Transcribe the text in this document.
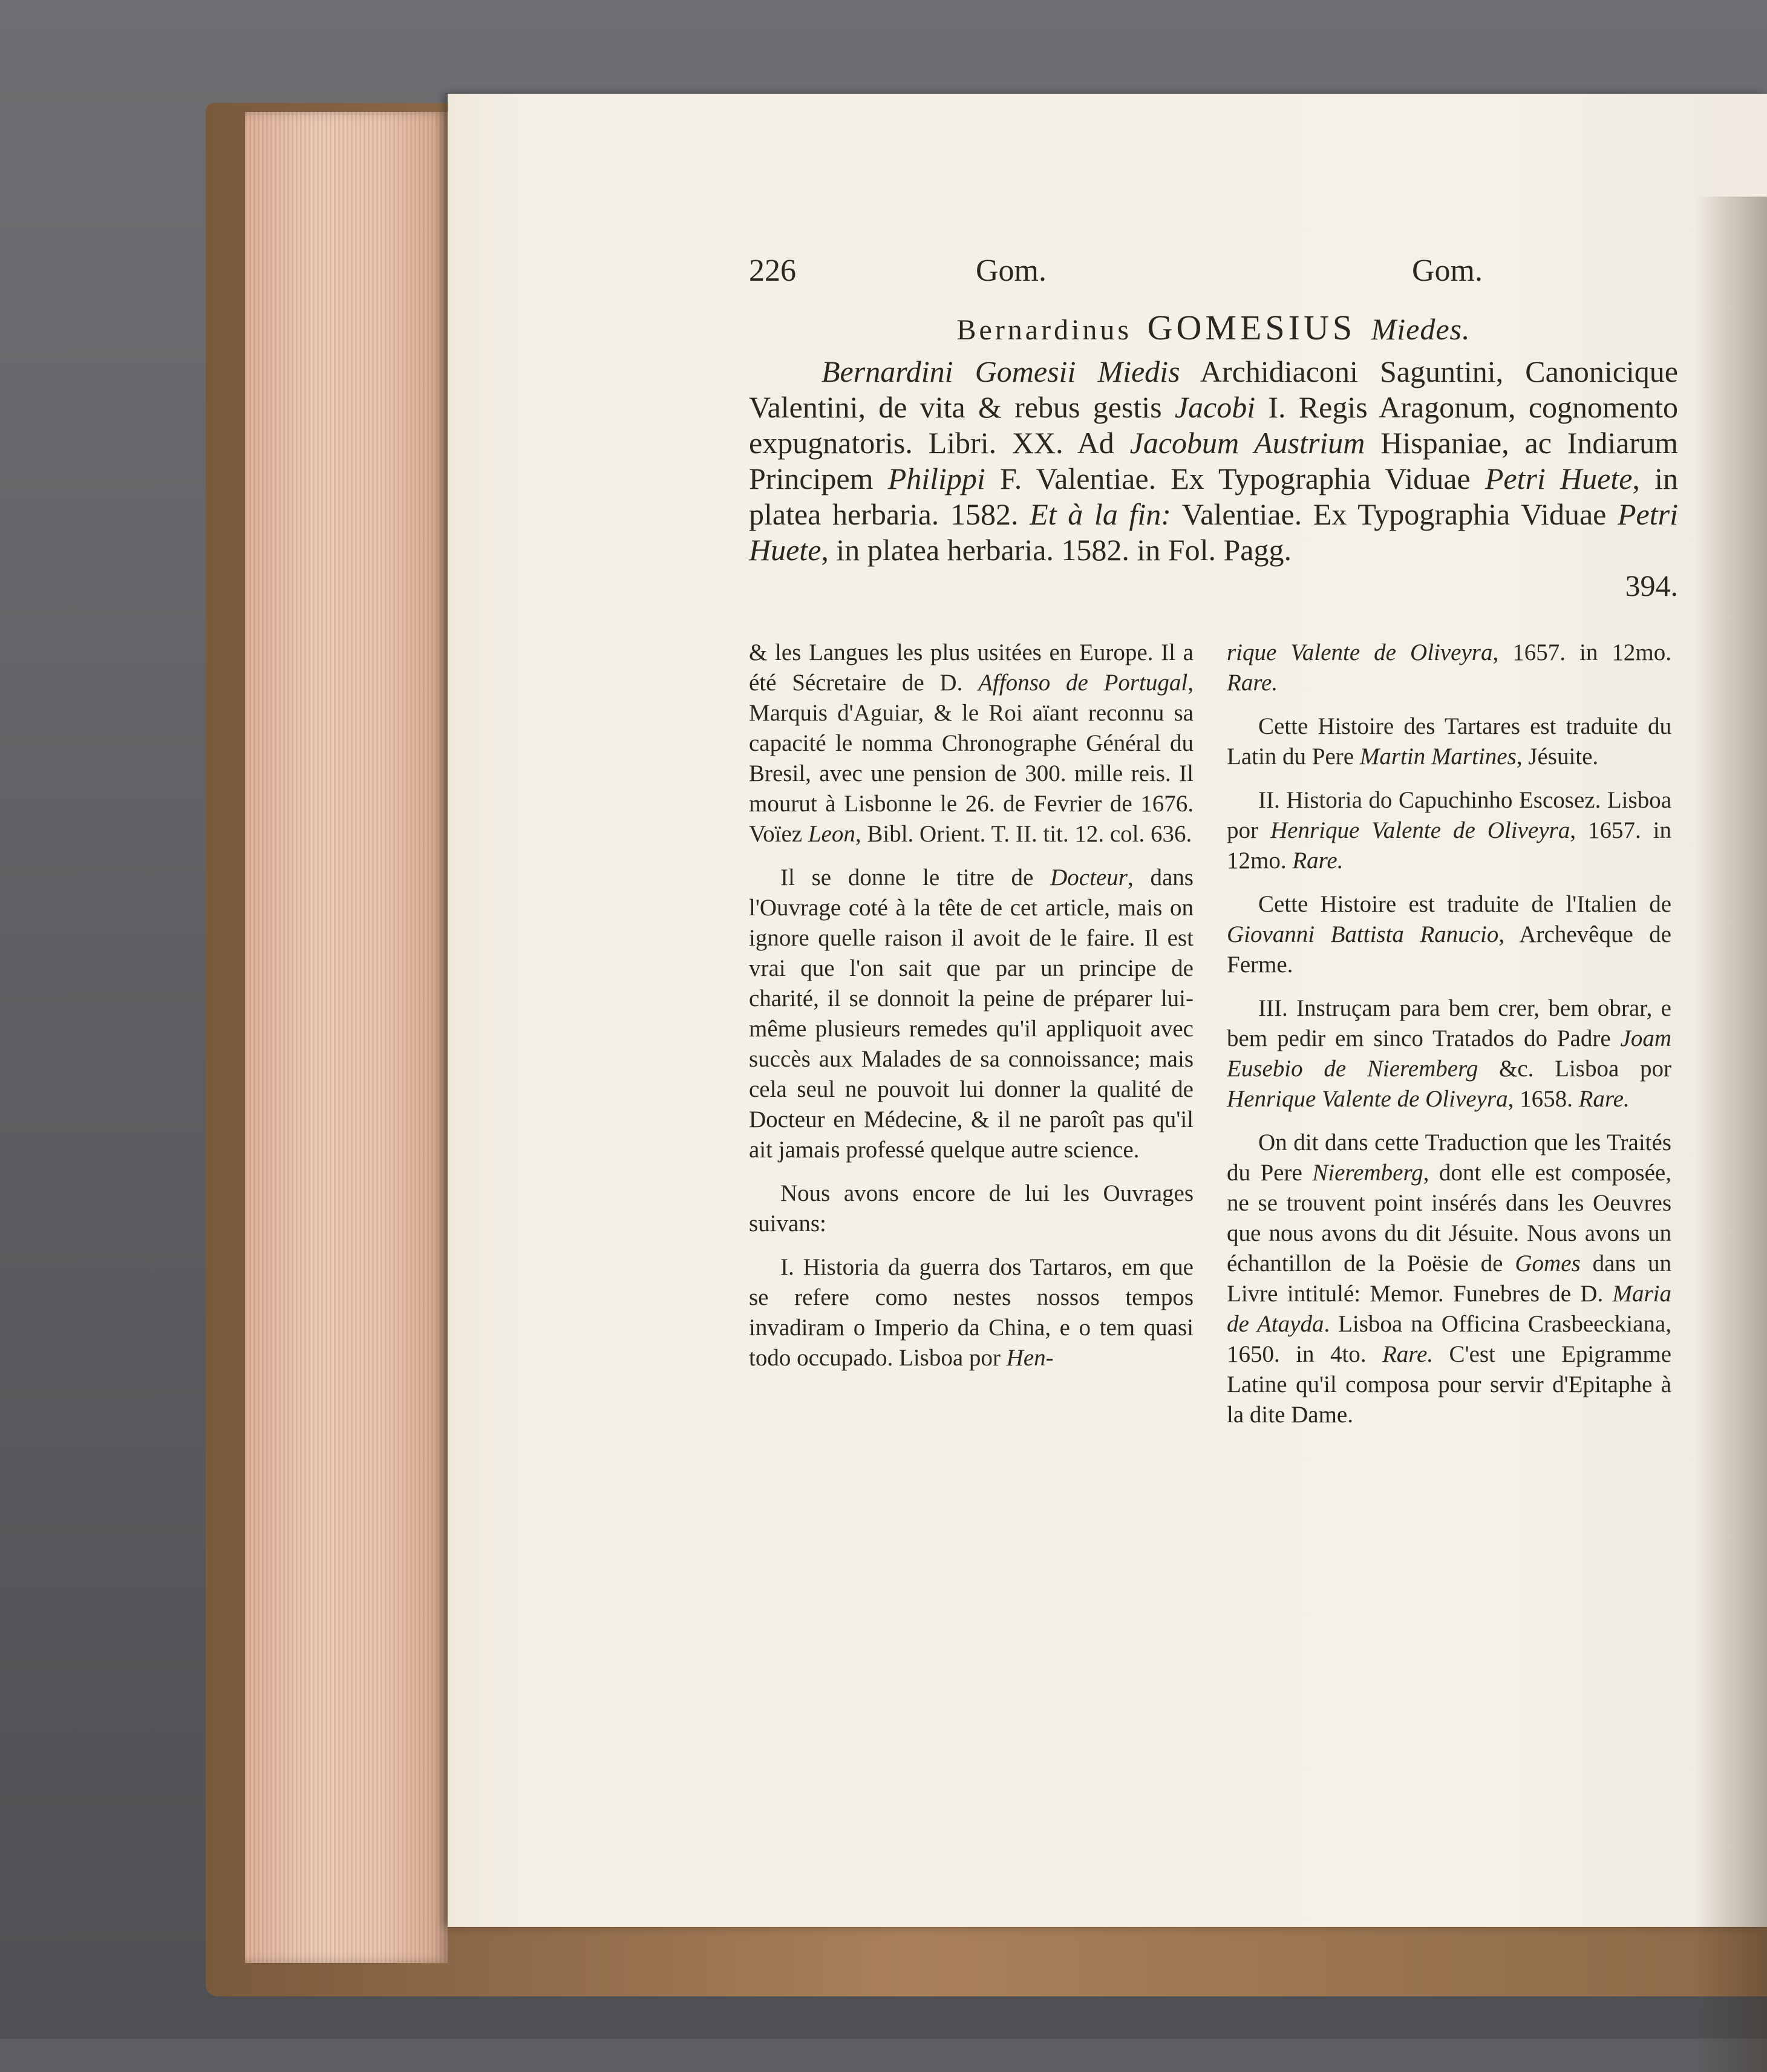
226	Gom.	Gom.
Bernardinus GOMESIUS Miedes.
Bernardini Gomesii Miedis Archidiaconi Saguntini, Canonicique Valentini, de vita & rebus gestis Jacobi I. Regis Aragonum, cognomento expugnatoris. Libri. XX. Ad Jacobum Austrium Hispaniae, ac Indiarum Principem Philippi F. Valentiae. Ex Typographia Viduae Petri Huete, in platea herbaria. 1582. Et à la fin: Valentiae. Ex Typographia Viduae Petri Huete, in platea herbaria. 1582. in Fol. Pagg.
394.

& les Langues les plus usitées en Europe. Il a été Sécretaire de D. Affonso de Portugal, Marquis d'Aguiar, & le Roi aïant reconnu sa capacité le nomma Chronographe Général du Bresil, avec une pension de 300. mille reis. Il mourut à Lisbonne le 26. de Fevrier de 1676. Voïez Leon, Bibl. Orient. T. II. tit. 12. col. 636.

Il se donne le titre de Docteur, dans l'Ouvrage coté à la tête de cet article, mais on ignore quelle raison il avoit de le faire. Il est vrai que l'on sait que par un principe de charité, il se donnoit la peine de préparer lui-même plusieurs remedes qu'il appliquoit avec succès aux Malades de sa connoissance; mais cela seul ne pouvoit lui donner la qualité de Docteur en Médecine, & il ne paroît pas qu'il ait jamais professé quelque autre science.

Nous avons encore de lui les Ouvrages suivans:

I. Historia da guerra dos Tartaros, em que se refere como nestes nossos tempos invadiram o Imperio da China, e o tem quasi todo occupado. Lisboa por Hen-

rique Valente de Oliveyra, 1657. in 12mo. Rare.

Cette Histoire des Tartares est traduite du Latin du Pere Martin Martines, Jésuite.

II. Historia do Capuchinho Escosez. Lisboa por Henrique Valente de Oliveyra, 1657. in 12mo. Rare.

Cette Histoire est traduite de l'Italien de Giovanni Battista Ranucio, Archevêque de Ferme.

III. Instruçam para bem crer, bem obrar, e bem pedir em sinco Tratados do Padre Joam Eusebio de Nieremberg &c. Lisboa por Henrique Valente de Oliveyra, 1658. Rare.

On dit dans cette Traduction que les Traités du Pere Nieremberg, dont elle est composée, ne se trouvent point insérés dans les Oeuvres que nous avons du dit Jésuite. Nous avons un échantillon de la Poësie de Gomes dans un Livre intitulé: Memor. Funebres de D. Maria de Atayda. Lisboa na Officina Crasbeeckiana, 1650. in 4to. Rare. C'est une Epigramme Latine qu'il composa pour servir d'Epitaphe à la dite Dame.
